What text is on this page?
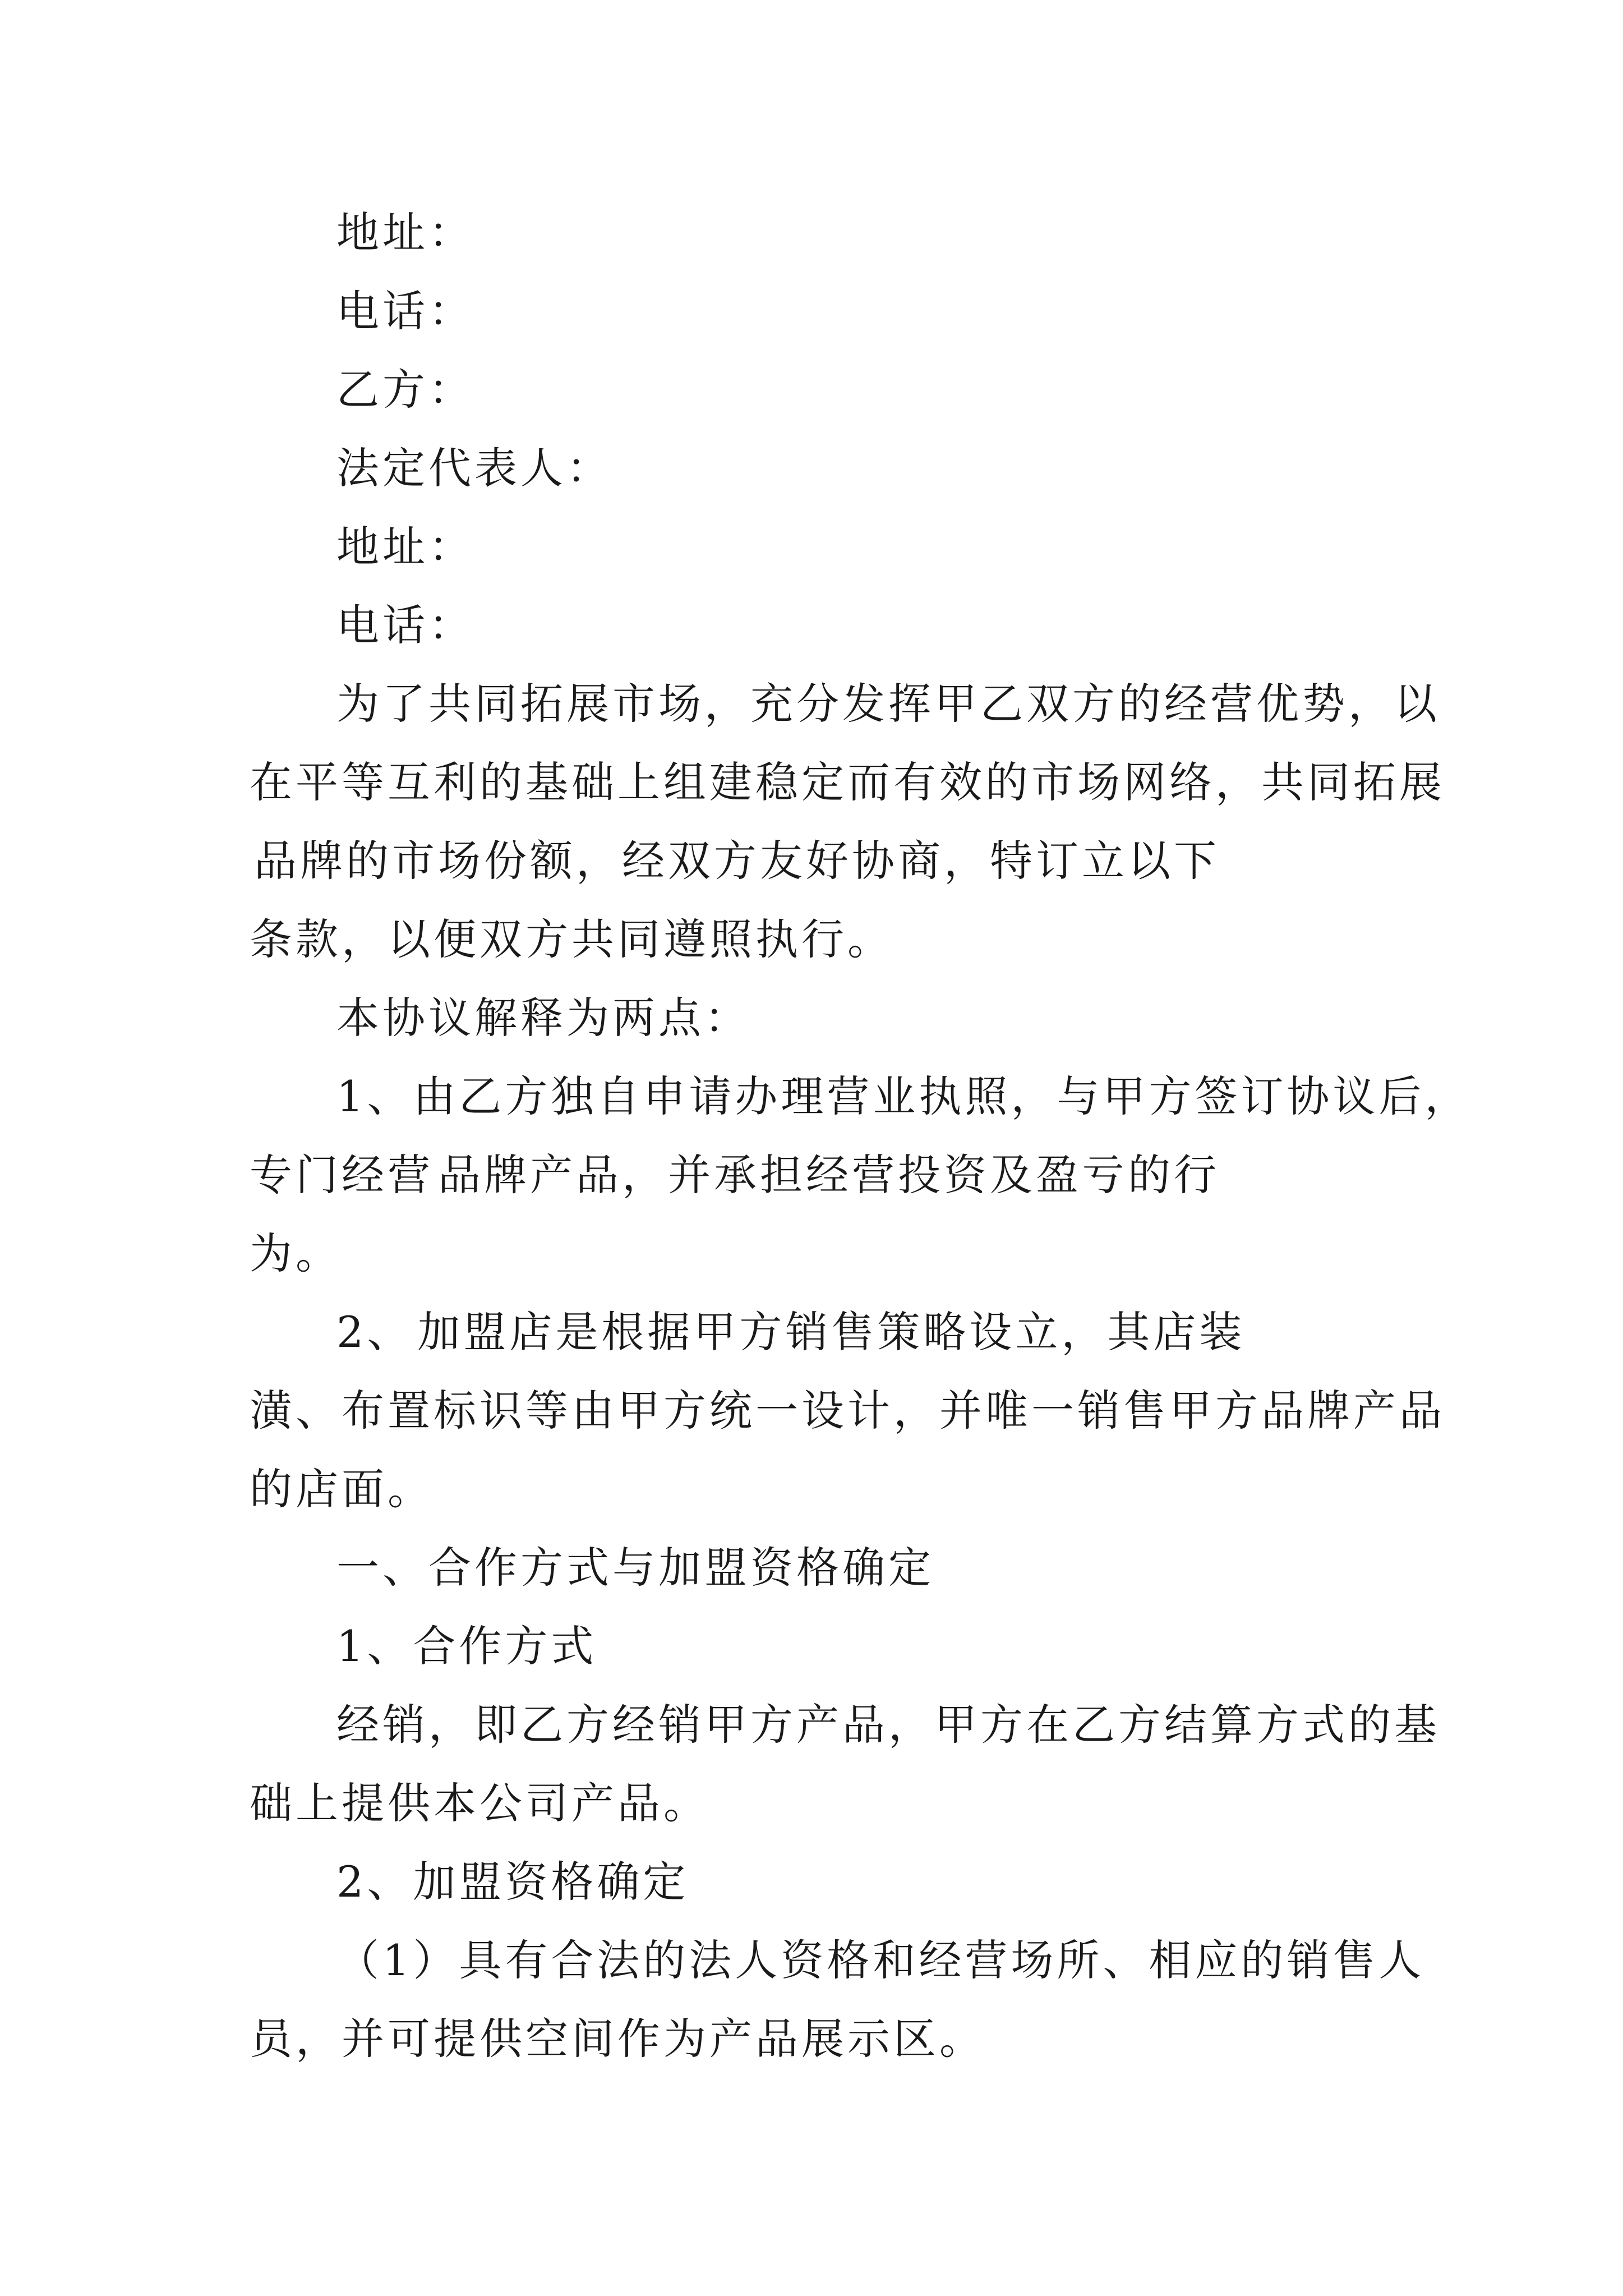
地址：
电话：
乙方：
法定代表人：
地址：
电话：
为了共同拓展市场，充分发挥甲乙双方的经营优势，以
在平等互利的基础上组建稳定而有效的市场网络，共同拓展
品牌的市场份额，经双方友好协商，特订立以下
条款，以便双方共同遵照执行。
本协议解释为两点：
1、由乙方独自申请办理营业执照，与甲方签订协议后，
专门经营 品牌产品，并承担经营投资及盈亏的行
为。
2、 加盟店是根据甲方销售策略设立，其店装
潢、布置标识等由甲方统一设计，并唯一销售甲方品牌产品
的店面。
一、合作方式与加盟资格确定
1、合作方式
经销，即乙方经销甲方产品，甲方在乙方结算方式的基
础上提供本公司产品。
2、加盟资格确定
（1）具有合法的法人资格和经营场所、相应的销售人
员，并可提供空间作为产品展示区。
